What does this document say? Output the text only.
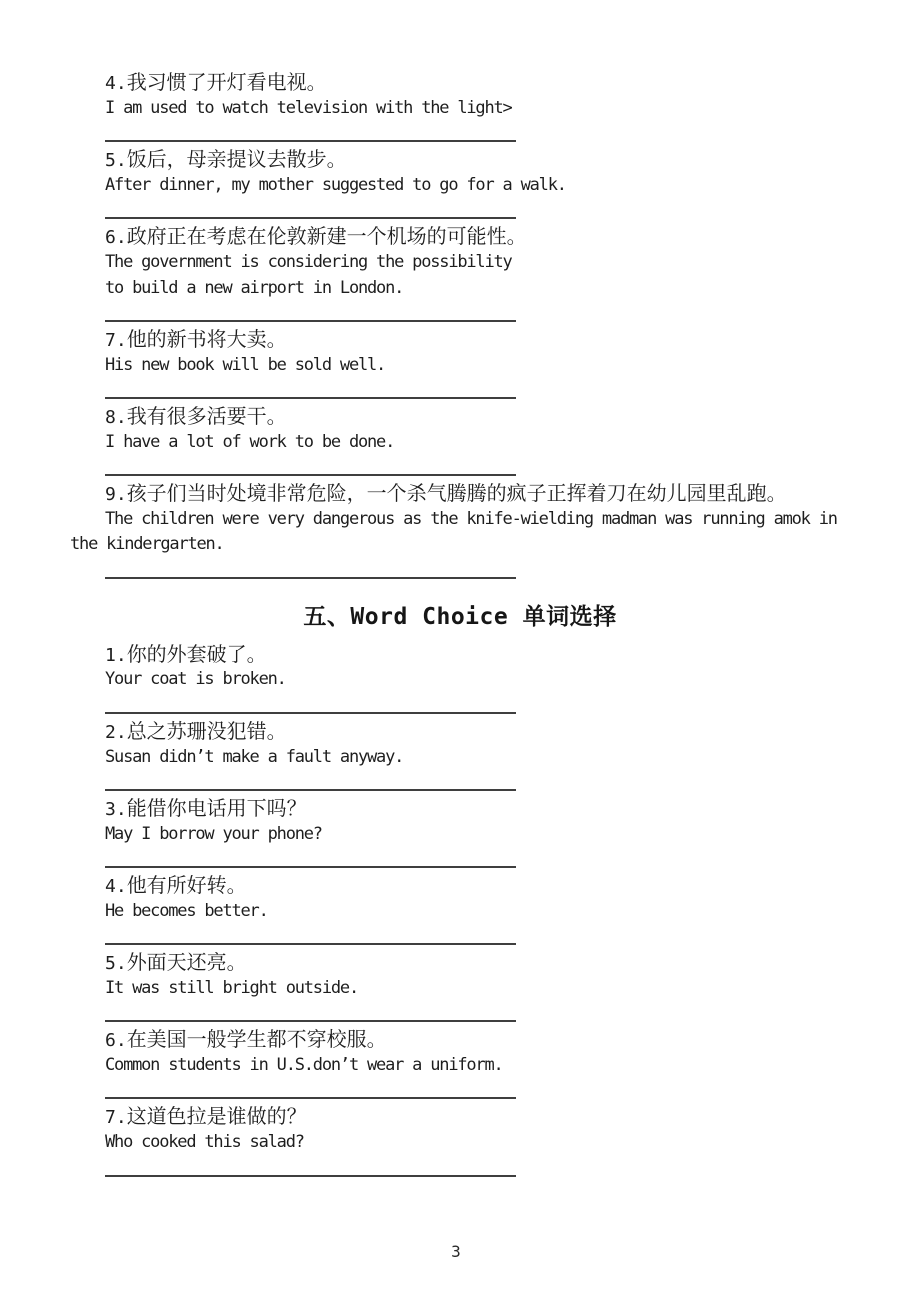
4.我习惯了开灯看电视。
I am used to watch television with the light>
5.饭后，母亲提议去散步。
After dinner, my mother suggested to go for a walk.
6.政府正在考虑在伦敦新建一个机场的可能性。
The government is considering the possibility
to build a new airport in London.
7.他的新书将大卖。
His new book will be sold well.
8.我有很多活要干。
I have a lot of work to be done.
9.孩子们当时处境非常危险，一个杀气腾腾的疯子正挥着刀在幼儿园里乱跑。
The children were very dangerous as the knife-wielding madman was running amok in
the kindergarten.
五、Word Choice 单词选择
1.你的外套破了。
Your coat is broken.
2.总之苏珊没犯错。
Susan didn’t make a fault anyway.
3.能借你电话用下吗？
May I borrow your phone?
4.他有所好转。
He becomes better.
5.外面天还亮。
It was still bright outside.
6.在美国一般学生都不穿校服。
Common students in U.S.don’t wear a uniform.
7.这道色拉是谁做的？
Who cooked this salad?
3
